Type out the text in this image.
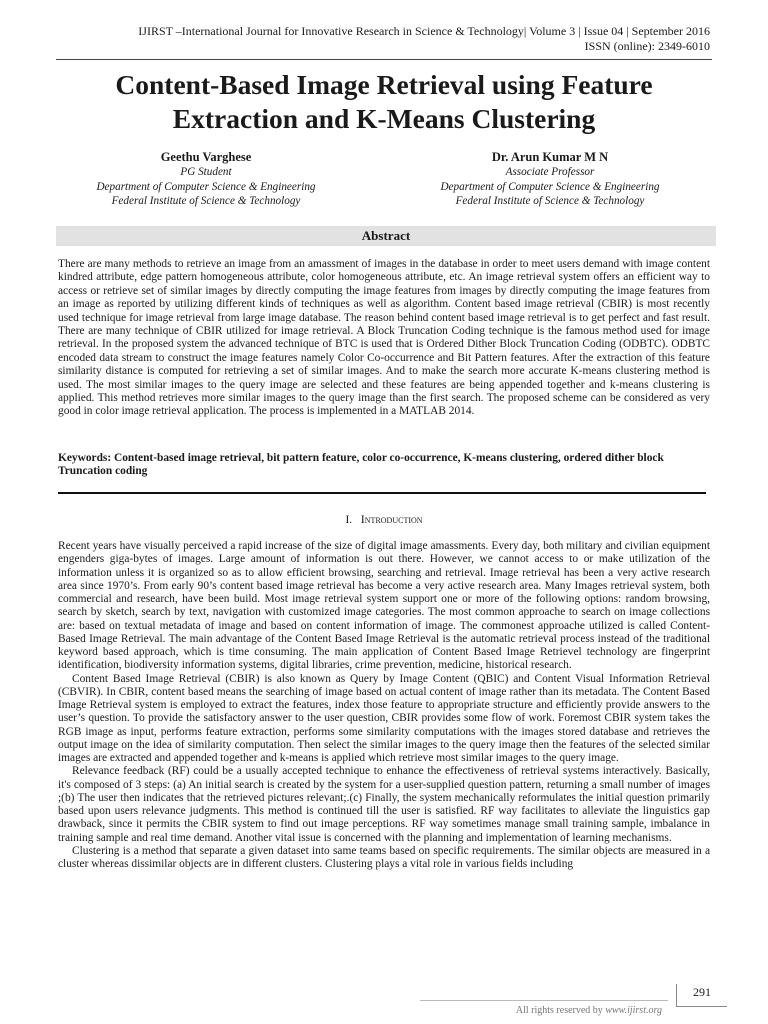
IJIRST –International Journal for Innovative Research in Science & Technology| Volume 3 | Issue 04 | September 2016
ISSN (online): 2349-6010
Content-Based Image Retrieval using Feature
Extraction and K-Means Clustering
Geethu Varghese
PG Student
Department of Computer Science & Engineering
Federal Institute of Science & Technology
Dr. Arun Kumar M N
Associate Professor
Department of Computer Science & Engineering
Federal Institute of Science & Technology
Abstract

There are many methods to retrieve an image from an amassment of images in the database in order to meet users demand with image content kindred attribute, edge pattern homogeneous attribute, color homogeneous attribute, etc. An image retrieval system offers an efficient way to access or retrieve set of similar images by directly computing the image features from images by directly computing the image features from an image as reported by utilizing different kinds of techniques as well as algorithm. Content based image retrieval (CBIR) is most recently used technique for image retrieval from large image database. The reason behind content based image retrieval is to get perfect and fast result. There are many technique of CBIR utilized for image retrieval. A Block Truncation Coding technique is the famous method used for image retrieval. In the proposed system the advanced technique of BTC is used that is Ordered Dither Block Truncation Coding (ODBTC). ODBTC encoded data stream to construct the image features namely Color Co-occurrence and Bit Pattern features. After the extraction of this feature similarity distance is computed for retrieving a set of similar images. And to make the search more accurate K-means clustering method is used. The most similar images to the query image are selected and these features are being appended together and k-means clustering is applied. This method retrieves more similar images to the query image than the first search. The proposed scheme can be considered as very good in color image retrieval application. The process is implemented in a MATLAB 2014.

Keywords: Content-based image retrieval, bit pattern feature, color co-occurrence, K-means clustering, ordered dither block Truncation coding
I. Introduction

Recent years have visually perceived a rapid increase of the size of digital image amassments. Every day, both military and civilian equipment engenders giga-bytes of images. Large amount of information is out there. However, we cannot access to or make utilization of the information unless it is organized so as to allow efficient browsing, searching and retrieval. Image retrieval has been a very active research area since 1970’s. From early 90’s content based image retrieval has become a very active research area. Many Images retrieval system, both commercial and research, have been build. Most image retrieval system support one or more of the following options: random browsing, search by sketch, search by text, navigation with customized image categories. The most common approache to search on image collections are: based on textual metadata of image and based on content information of image. The commonest approache utilized is called Content-Based Image Retrieval. The main advantage of the Content Based Image Retrieval is the automatic retrieval process instead of the traditional keyword based approach, which is time consuming. The main application of Content Based Image Retrievel technology are fingerprint identification, biodiversity information systems, digital libraries, crime prevention, medicine, historical research.

Content Based Image Retrieval (CBIR) is also known as Query by Image Content (QBIC) and Content Visual Information Retrieval (CBVIR). In CBIR, content based means the searching of image based on actual content of image rather than its metadata. The Content Based Image Retrieval system is employed to extract the features, index those feature to appropriate structure and efficiently provide answers to the user’s question. To provide the satisfactory answer to the user question, CBIR provides some flow of work. Foremost CBIR system takes the RGB image as input, performs feature extraction, performs some similarity computations with the images stored database and retrieves the output image on the idea of similarity computation. Then select the similar images to the query image then the features of the selected similar images are extracted and appended together and k-means is applied which retrieve most similar images to the query image.

Relevance feedback (RF) could be a usually accepted technique to enhance the effectiveness of retrieval systems interactively. Basically, it's composed of 3 steps: (a) An initial search is created by the system for a user-supplied question pattern, returning a small number of images ;(b) The user then indicates that the retrieved pictures relevant;.(c) Finally, the system mechanically reformulates the initial question primarily based upon users relevance judgments. This method is continued till the user is satisfied. RF way facilitates to alleviate the linguistics gap drawback, since it permits the CBIR system to find out image perceptions. RF way sometimes manage small training sample, imbalance in training sample and real time demand. Another vital issue is concerned with the planning and implementation of learning mechanisms.

Clustering is a method that separate a given dataset into same teams based on specific requirements. The similar objects are measured in a cluster whereas dissimilar objects are in different clusters. Clustering plays a vital role in various fields including

All rights reserved by www.ijirst.org
291
